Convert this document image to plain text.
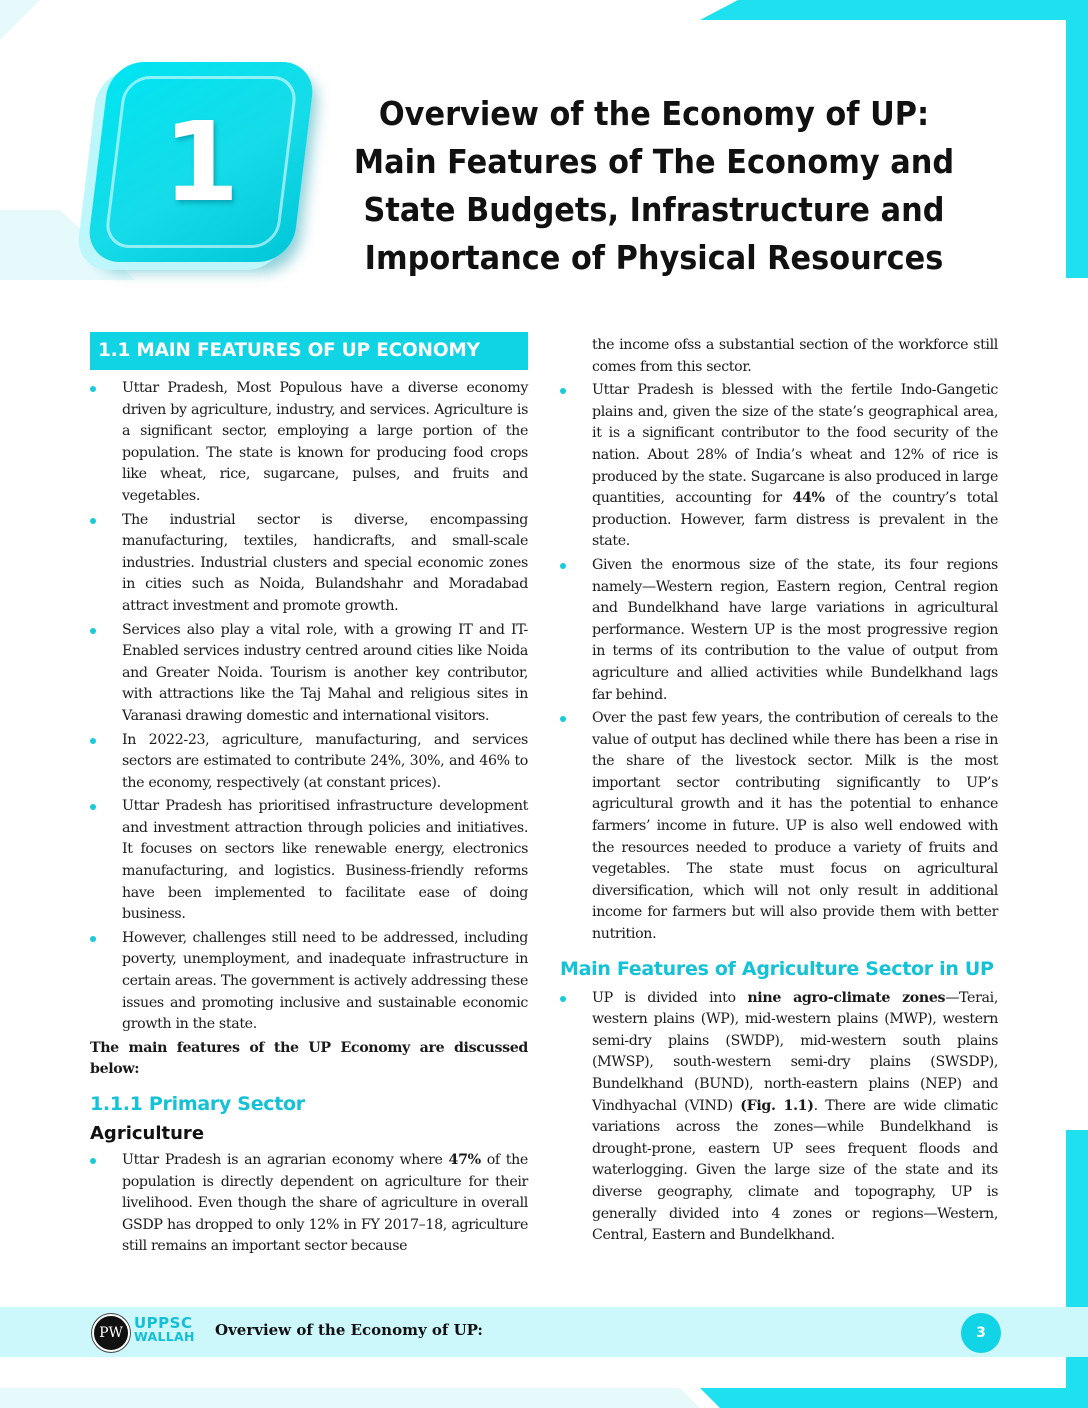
1	Overview of the Economy of UP:
Main Features of The Economy and
State Budgets, Infrastructure and
Importance of Physical Resources
1.1 MAIN FEATURES OF UP ECONOMY
Uttar Pradesh, Most Populous have a diverse economy driven by agriculture, industry, and services. Agriculture is a significant sector, employing a large portion of the population. The state is known for producing food crops like wheat, rice, sugarcane, pulses, and fruits and vegetables.
The industrial sector is diverse, encompassing manufacturing, textiles, handicrafts, and small-scale industries. Industrial clusters and special economic zones in cities such as Noida, Bulandshahr and Moradabad attract investment and promote growth.
Services also play a vital role, with a growing IT and IT-Enabled services industry centred around cities like Noida and Greater Noida. Tourism is another key contributor, with attractions like the Taj Mahal and religious sites in Varanasi drawing domestic and international visitors.
In 2022-23, agriculture, manufacturing, and services sectors are estimated to contribute 24%, 30%, and 46% to the economy, respectively (at constant prices).
Uttar Pradesh has prioritised infrastructure development and investment attraction through policies and initiatives. It focuses on sectors like renewable energy, electronics manufacturing, and logistics. Business-friendly reforms have been implemented to facilitate ease of doing business.
However, challenges still need to be addressed, including poverty, unemployment, and inadequate infrastructure in certain areas. The government is actively addressing these issues and promoting inclusive and sustainable economic growth in the state.

The main features of the UP Economy are discussed below:

1.1.1 Primary Sector
Agriculture
Uttar Pradesh is an agrarian economy where 47% of the population is directly dependent on agriculture for their livelihood. Even though the share of agriculture in overall GSDP has dropped to only 12% in FY 2017–18, agriculture still remains an important sector because

the income ofss a substantial section of the workforce still comes from this sector.

Uttar Pradesh is blessed with the fertile Indo-Gangetic plains and, given the size of the state’s geographical area, it is a significant contributor to the food security of the nation. About 28% of India’s wheat and 12% of rice is produced by the state. Sugarcane is also produced in large quantities, accounting for 44% of the country’s total production. However, farm distress is prevalent in the state.
Given the enormous size of the state, its four regions namely—Western region, Eastern region, Central region and Bundelkhand have large variations in agricultural performance. Western UP is the most progressive region in terms of its contribution to the value of output from agriculture and allied activities while Bundelkhand lags far behind.
Over the past few years, the contribution of cereals to the value of output has declined while there has been a rise in the share of the livestock sector. Milk is the most important sector contributing significantly to UP’s agricultural growth and it has the potential to enhance farmers’ income in future. UP is also well endowed with the resources needed to produce a variety of fruits and vegetables. The state must focus on agricultural diversification, which will not only result in additional income for farmers but will also provide them with better nutrition.
Main Features of Agriculture Sector in UP
UP is divided into nine agro-climate zones—Terai, western plains (WP), mid-western plains (MWP), western semi-dry plains (SWDP), mid-western south plains (MWSP), south-western semi-dry plains (SWSDP), Bundelkhand (BUND), north-eastern plains (NEP) and Vindhyachal (VIND) (Fig. 1.1). There are wide climatic variations across the zones—while Bundelkhand is drought-prone, eastern UP sees frequent floods and waterlogging. Given the large size of the state and its diverse geography, climate and topography, UP is generally divided into 4 zones or regions—Western, Central, Eastern and Bundelkhand.
PW
UPPSC
WALLAH Overview of the Economy of UP:	3
